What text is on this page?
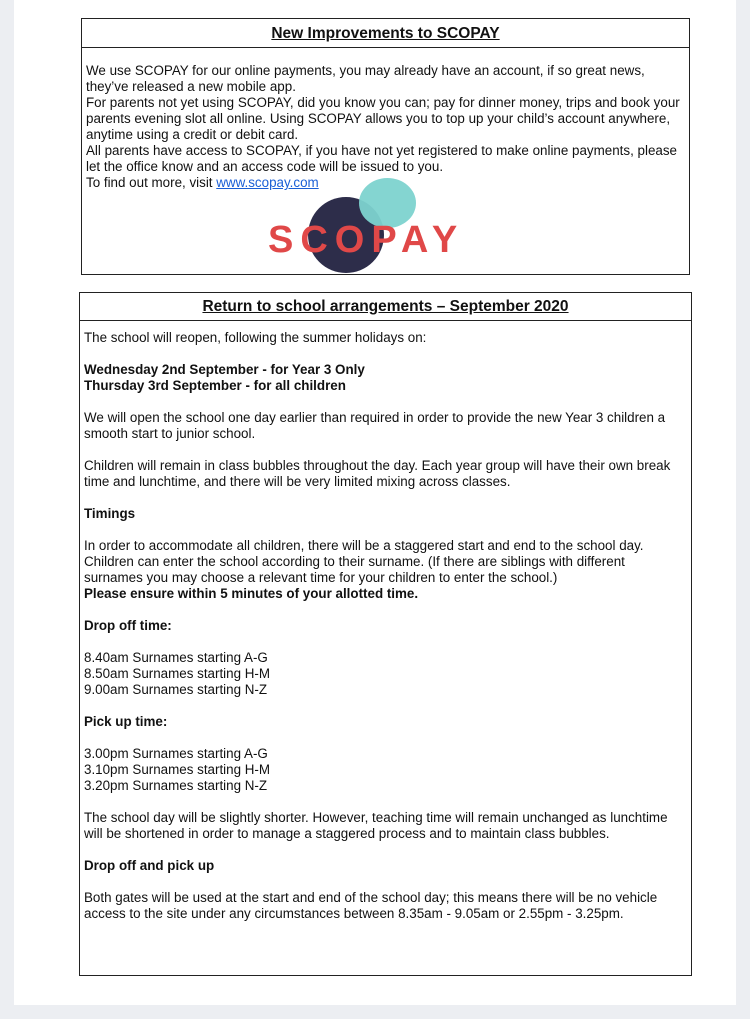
New Improvements to SCOPAY

We use SCOPAY for our online payments, you may already have an account, if so great news, they’ve released a new mobile app.

For parents not yet using SCOPAY, did you know you can; pay for dinner money, trips and book your parents evening slot all online. Using SCOPAY allows you to top up your child’s account anywhere, anytime using a credit or debit card.

All parents have access to SCOPAY, if you have not yet registered to make online payments, please let the office know and an access code will be issued to you.

To find out more, visit www.scopay.com

SCOPAY
Return to school arrangements – September 2020

The school will reopen, following the summer holidays on:

Wednesday 2nd September - for Year 3 Only

Thursday 3rd September - for all children

We will open the school one day earlier than required in order to provide the new Year 3 children a smooth start to junior school.

Children will remain in class bubbles throughout the day. Each year group will have their own break time and lunchtime, and there will be very limited mixing across classes.

Timings

In order to accommodate all children, there will be a staggered start and end to the school day. Children can enter the school according to their surname. (If there are siblings with different surnames you may choose a relevant time for your children to enter the school.)

Please ensure within 5 minutes of your allotted time.

Drop off time:

8.40am Surnames starting A-G

8.50am Surnames starting H-M

9.00am Surnames starting N-Z

Pick up time:

3.00pm Surnames starting A-G

3.10pm Surnames starting H-M

3.20pm Surnames starting N-Z

The school day will be slightly shorter. However, teaching time will remain unchanged as lunchtime will be shortened in order to manage a staggered process and to maintain class bubbles.

Drop off and pick up

Both gates will be used at the start and end of the school day; this means there will be no vehicle access to the site under any circumstances between 8.35am - 9.05am or 2.55pm - 3.25pm.
